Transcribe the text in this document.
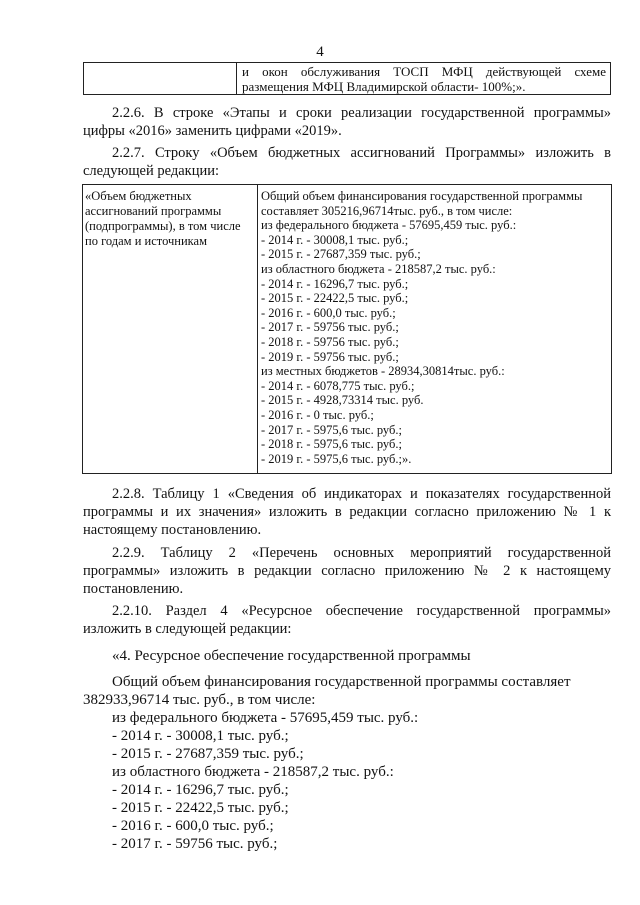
4
и окон обслуживания ТОСП МФЦ действующей схеме
размещения МФЦ Владимирской области- 100%;».
2.2.6. В строке «Этапы и сроки реализации государственной программы»
цифры «2016» заменить цифрами «2019».
2.2.7. Строку «Объем бюджетных ассигнований Программы» изложить в
следующей редакции:
«Объем бюджетных
ассигнований программы
(подпрограммы), в том числе
по годам и источникам
Общий объем финансирования государственной программы
составляет 305216,96714тыс. руб., в том числе:
из федерального бюджета - 57695,459 тыс. руб.:
- 2014 г. - 30008,1 тыс. руб.;
- 2015 г. - 27687,359 тыс. руб.;
из областного бюджета - 218587,2 тыс. руб.:
- 2014 г. - 16296,7 тыс. руб.;
- 2015 г. - 22422,5 тыс. руб.;
- 2016 г. - 600,0 тыс. руб.;
- 2017 г. - 59756 тыс. руб.;
- 2018 г. - 59756 тыс. руб.;
- 2019 г. - 59756 тыс. руб.;
из местных бюджетов - 28934,30814тыс. руб.:
- 2014 г. - 6078,775 тыс. руб.;
- 2015 г. - 4928,73314 тыс. руб.
- 2016 г. - 0 тыс. руб.;
- 2017 г. - 5975,6 тыс. руб.;
- 2018 г. - 5975,6 тыс. руб.;
- 2019 г. - 5975,6 тыс. руб.;».
2.2.8. Таблицу 1 «Сведения об индикаторах и показателях государственной
программы и их значения» изложить в редакции согласно приложению № 1 к
настоящему постановлению.
2.2.9. Таблицу 2 «Перечень основных мероприятий государственной
программы» изложить в редакции согласно приложению № 2 к настоящему
постановлению.
2.2.10. Раздел 4 «Ресурсное обеспечение государственной программы»
изложить в следующей редакции:
«4. Ресурсное обеспечение государственной программы
Общий объем финансирования государственной программы составляет
382933,96714 тыс. руб., в том числе:
из федерального бюджета - 57695,459 тыс. руб.:
- 2014 г. - 30008,1 тыс. руб.;
- 2015 г. - 27687,359 тыс. руб.;
из областного бюджета - 218587,2 тыс. руб.:
- 2014 г. - 16296,7 тыс. руб.;
- 2015 г. - 22422,5 тыс. руб.;
- 2016 г. - 600,0 тыс. руб.;
- 2017 г. - 59756 тыс. руб.;
